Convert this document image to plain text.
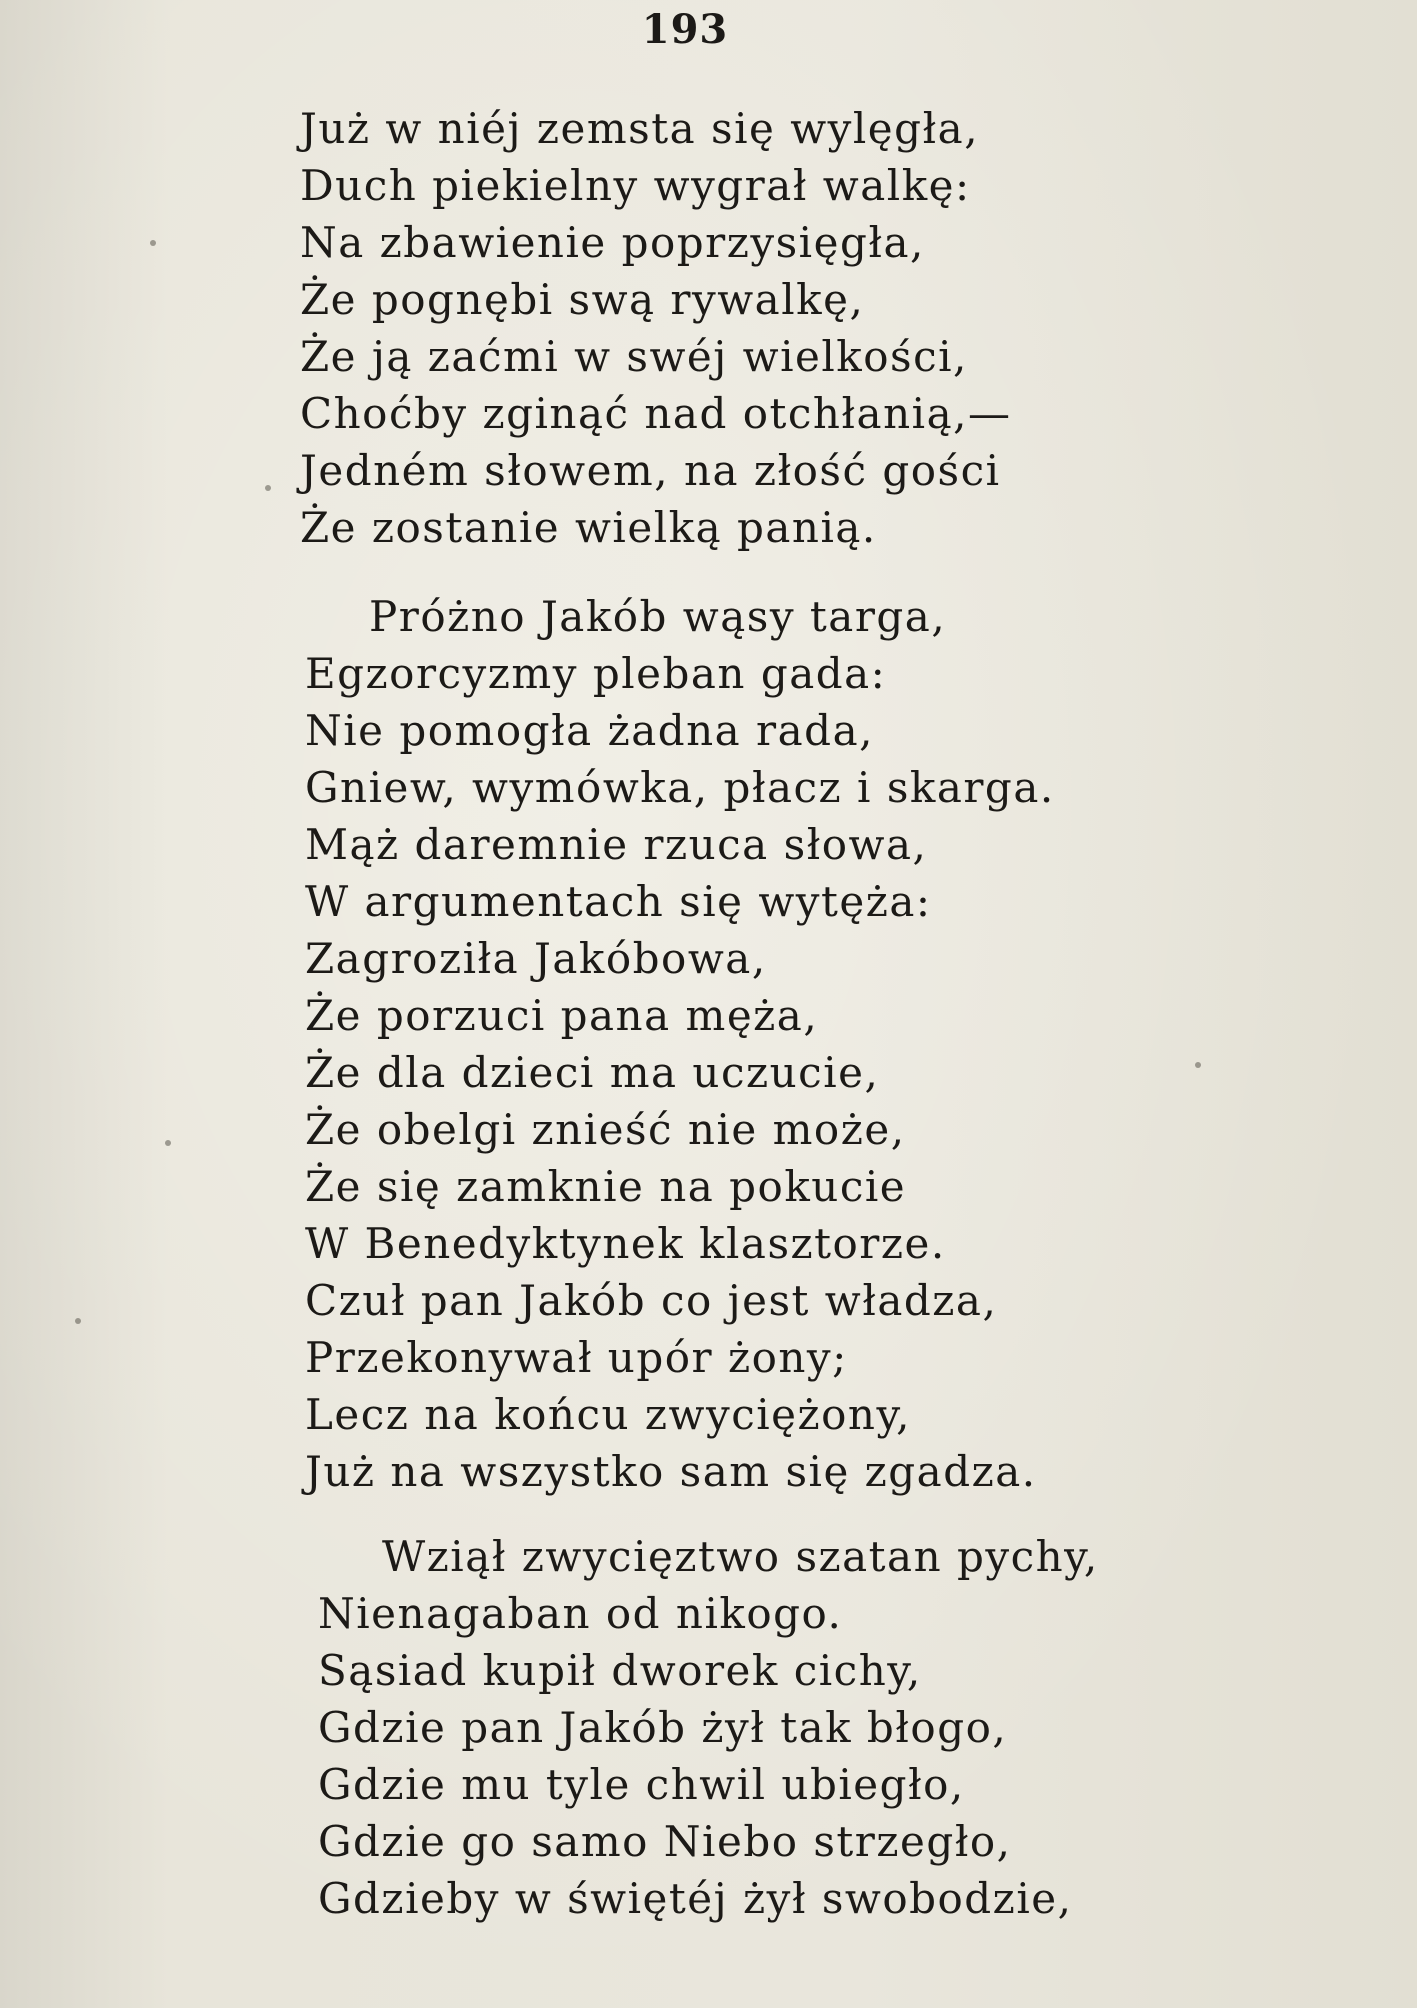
193
Już w niéj zemsta się wylęgła,
Duch piekielny wygrał walkę:
Na zbawienie poprzysięgła,
Że pognębi swą rywalkę,
Że ją zaćmi w swéj wielkości,
Choćby zginąć nad otchłanią,—
Jedném słowem, na złość gości
Że zostanie wielką panią.
Próżno Jakób wąsy targa,
Egzorcyzmy pleban gada:
Nie pomogła żadna rada,
Gniew, wymówka, płacz i skarga.
Mąż daremnie rzuca słowa,
W argumentach się wytęża:
Zagroziła Jakóbowa,
Że porzuci pana męża,
Że dla dzieci ma uczucie,
Że obelgi znieść nie może,
Że się zamknie na pokucie
W Benedyktynek klasztorze.
Czuł pan Jakób co jest władza,
Przekonywał upór żony;
Lecz na końcu zwyciężony,
Już na wszystko sam się zgadza.
Wziął zwycięztwo szatan pychy,
Nienagaban od nikogo.
Sąsiad kupił dworek cichy,
Gdzie pan Jakób żył tak błogo,
Gdzie mu tyle chwil ubiegło,
Gdzie go samo Niebo strzegło,
Gdzieby w świętéj żył swobodzie,
